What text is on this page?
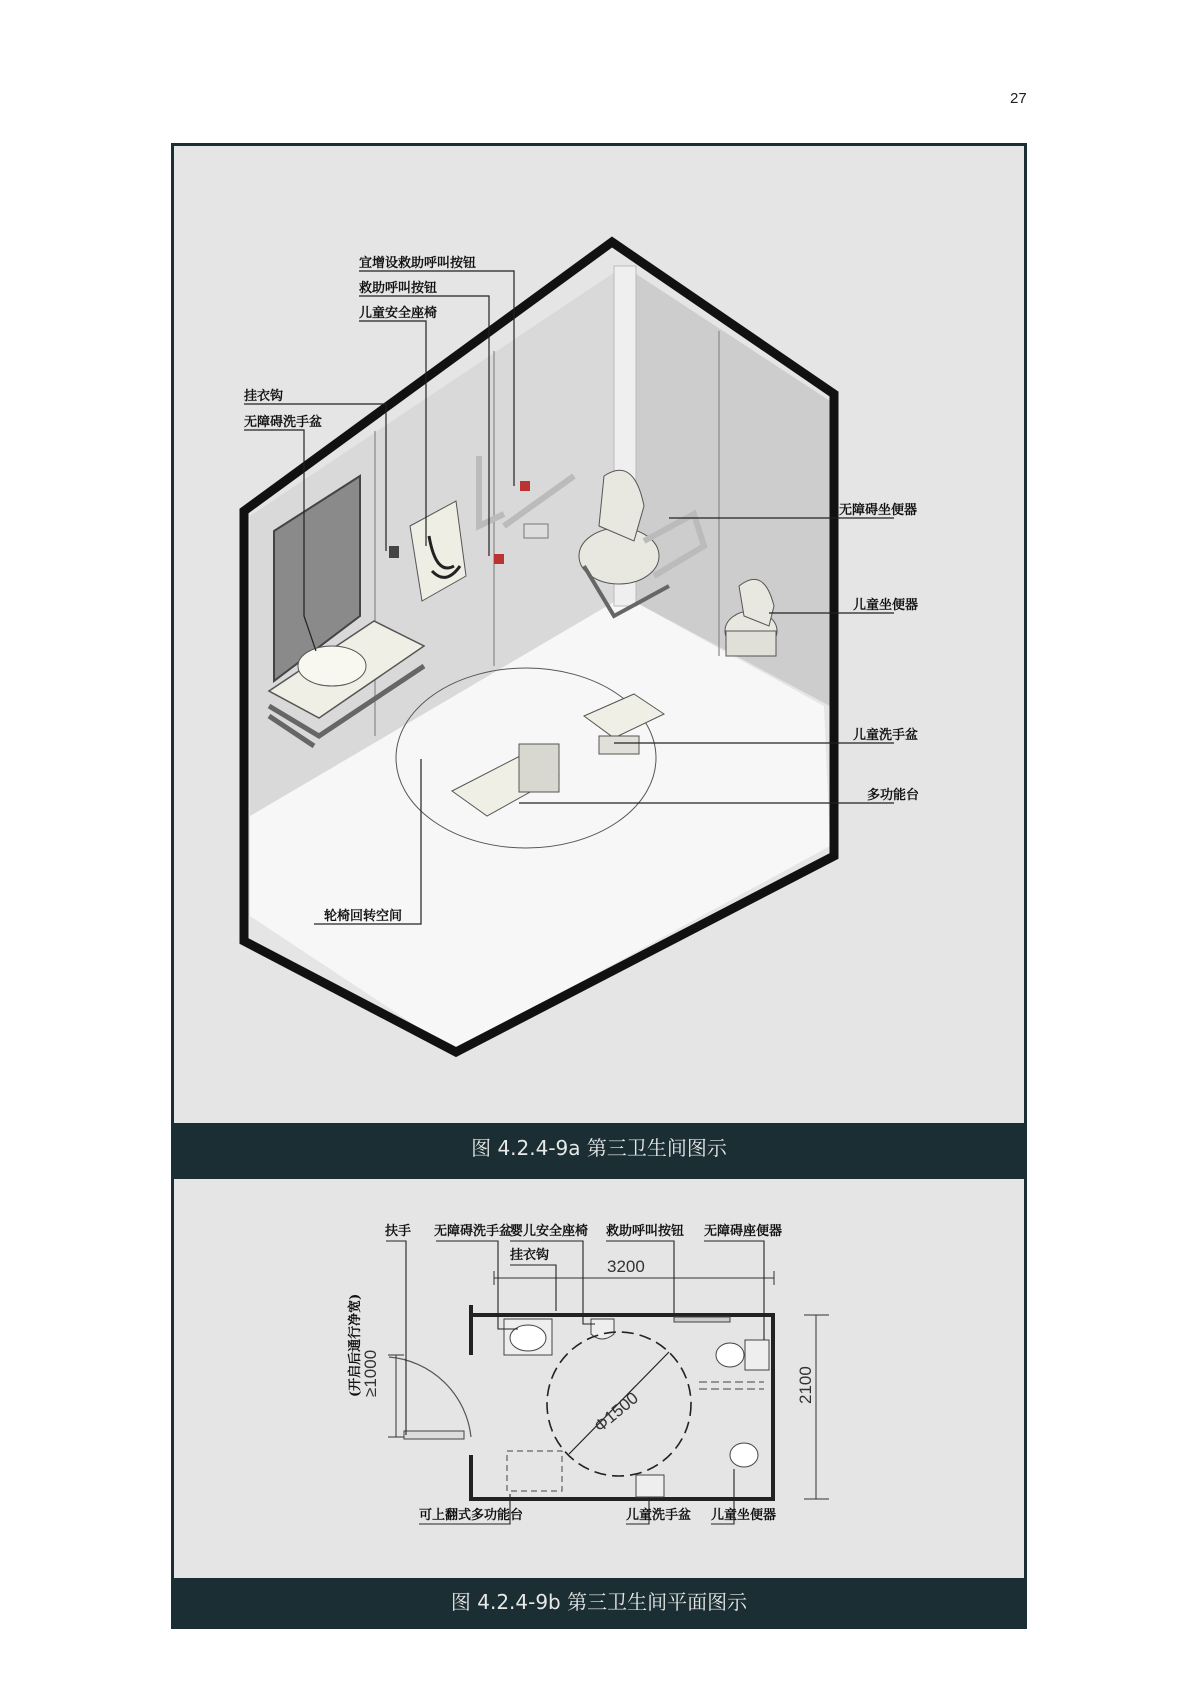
27
宜增设救助呼叫按钮
救助呼叫按钮
儿童安全座椅
挂衣钩
无障碍洗手盆
无障碍坐便器
儿童坐便器
儿童洗手盆
多功能台
轮椅回转空间
图 4.2.4-9a 第三卫生间图示
Φ1500
3200
2100
(开启后通行净宽)
≥1000
扶手 无障碍洗手盆
婴儿安全座椅
挂衣钩
救助呼叫按钮 无障碍座便器
可上翻式多功能台	儿童洗手盆 儿童坐便器
图 4.2.4-9b 第三卫生间平面图示
